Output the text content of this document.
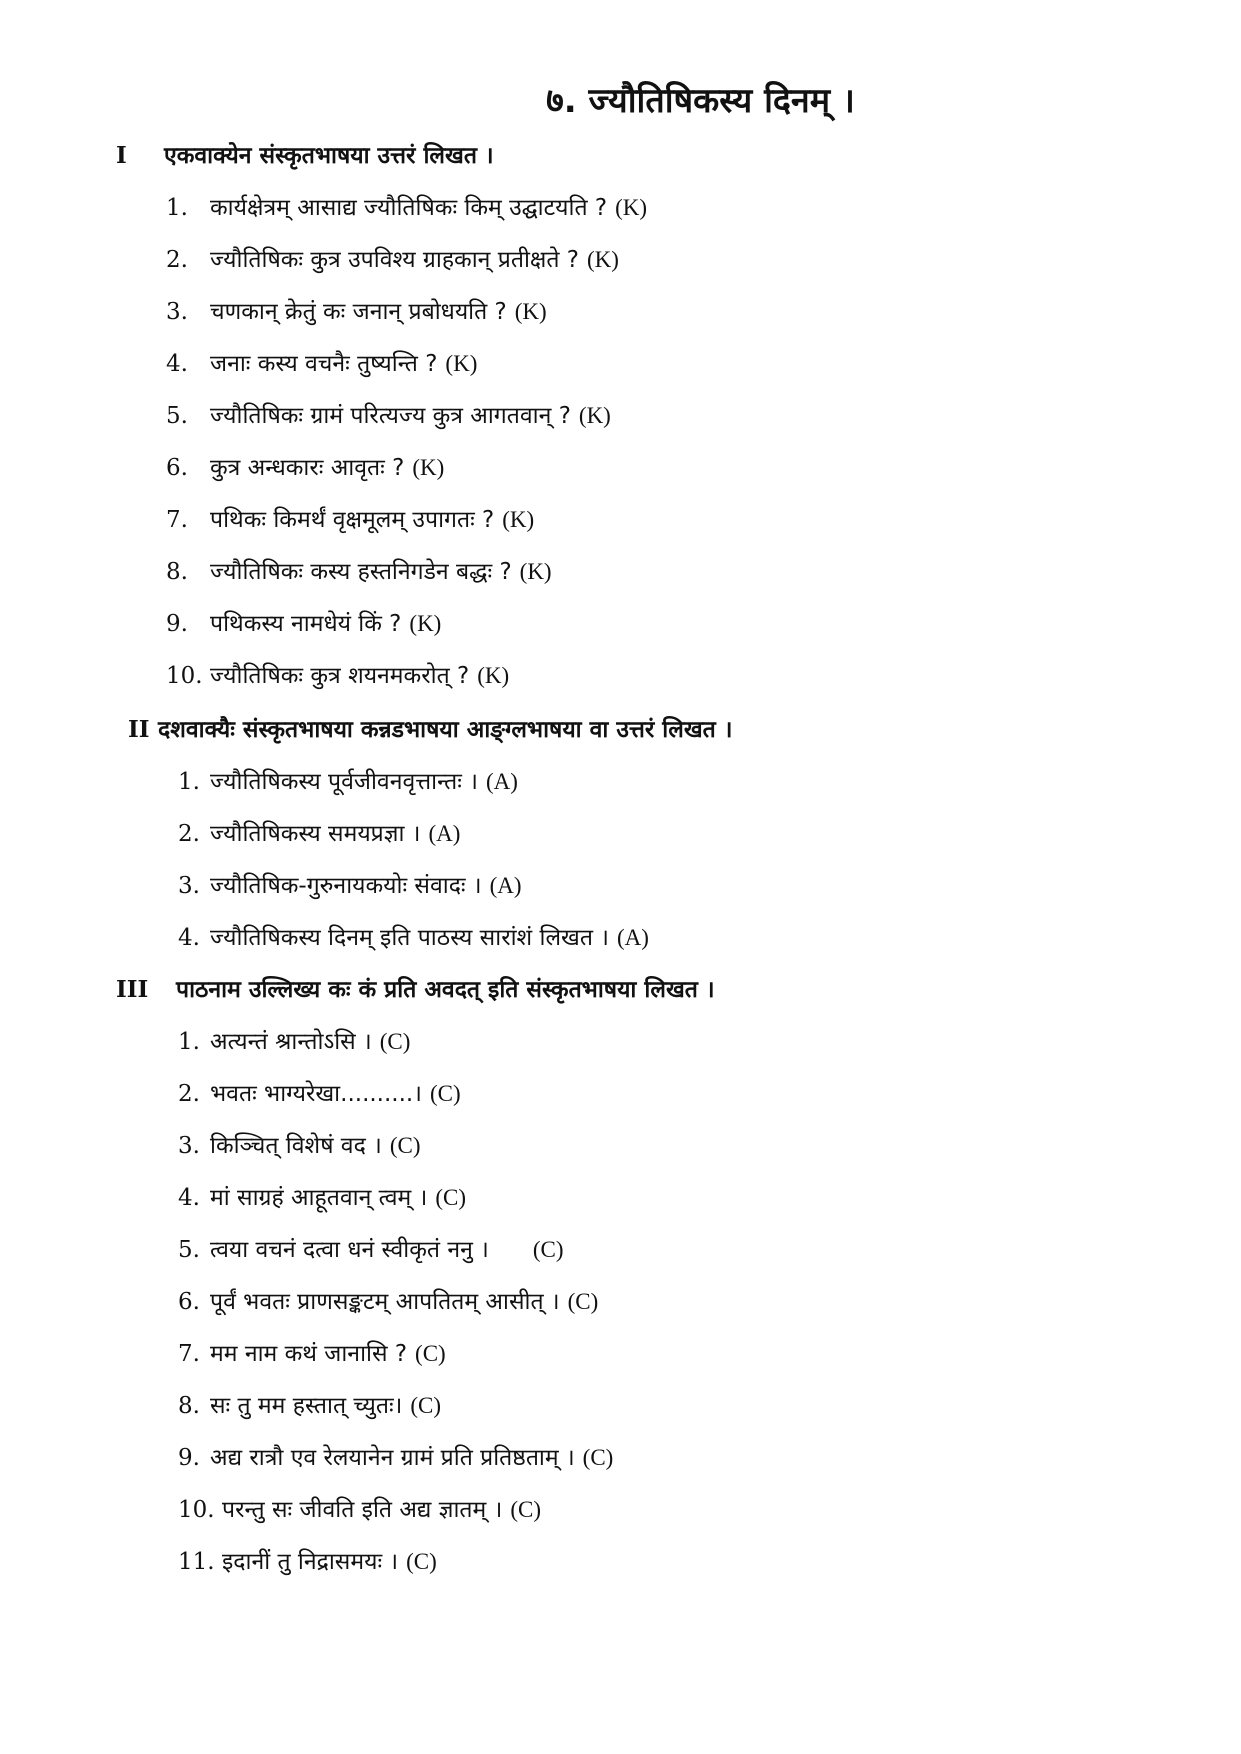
७. ज्यौतिषिकस्य दिनम् ।
I एकवाक्येन संस्कृतभाषया उत्तरं लिखत ।
1. कार्यक्षेत्रम् आसाद्य ज्यौतिषिकः किम् उद्घाटयति ? (K)
2. ज्यौतिषिकः कुत्र उपविश्य ग्राहकान् प्रतीक्षते ? (K)
3. चणकान् क्रेतुं कः जनान् प्रबोधयति ? (K)
4. जनाः कस्य वचनैः तुष्यन्ति ? (K)
5. ज्यौतिषिकः ग्रामं परित्यज्य कुत्र आगतवान् ? (K)
6. कुत्र अन्धकारः आवृतः ? (K)
7. पथिकः किमर्थं वृक्षमूलम् उपागतः ? (K)
8. ज्यौतिषिकः कस्य हस्तनिगडेन बद्धः ? (K)
9. पथिकस्य नामधेयं किं ? (K)
10. ज्यौतिषिकः कुत्र शयनमकरोत् ? (K)
II दशवाक्यैः संस्कृतभाषया कन्नडभाषया आङ्ग्लभाषया वा उत्तरं लिखत ।
1. ज्यौतिषिकस्य पूर्वजीवनवृत्तान्तः । (A)
2. ज्यौतिषिकस्य समयप्रज्ञा । (A)
3. ज्यौतिषिक-गुरुनायकयोः संवादः । (A)
4. ज्यौतिषिकस्य दिनम् इति पाठस्य सारांशं लिखत । (A)
III पाठनाम उल्लिख्य कः कं प्रति अवदत् इति संस्कृतभाषया लिखत ।
1. अत्यन्तं श्रान्तोऽसि । (C)
2. भवतः भाग्यरेखा..........। (C)
3. किञ्चित् विशेषं वद । (C)
4. मां साग्रहं आहूतवान् त्वम् । (C)
5. त्वया वचनं दत्वा धनं स्वीकृतं ननु । (C)
6. पूर्वं भवतः प्राणसङ्कटम् आपतितम् आसीत् । (C)
7. मम नाम कथं जानासि ? (C)
8. सः तु मम हस्तात् च्युतः। (C)
9. अद्य रात्रौ एव रेलयानेन ग्रामं प्रति प्रतिष्ठताम् । (C)
10. परन्तु सः जीवति इति अद्य ज्ञातम् । (C)
11. इदानीं तु निद्रासमयः । (C)
